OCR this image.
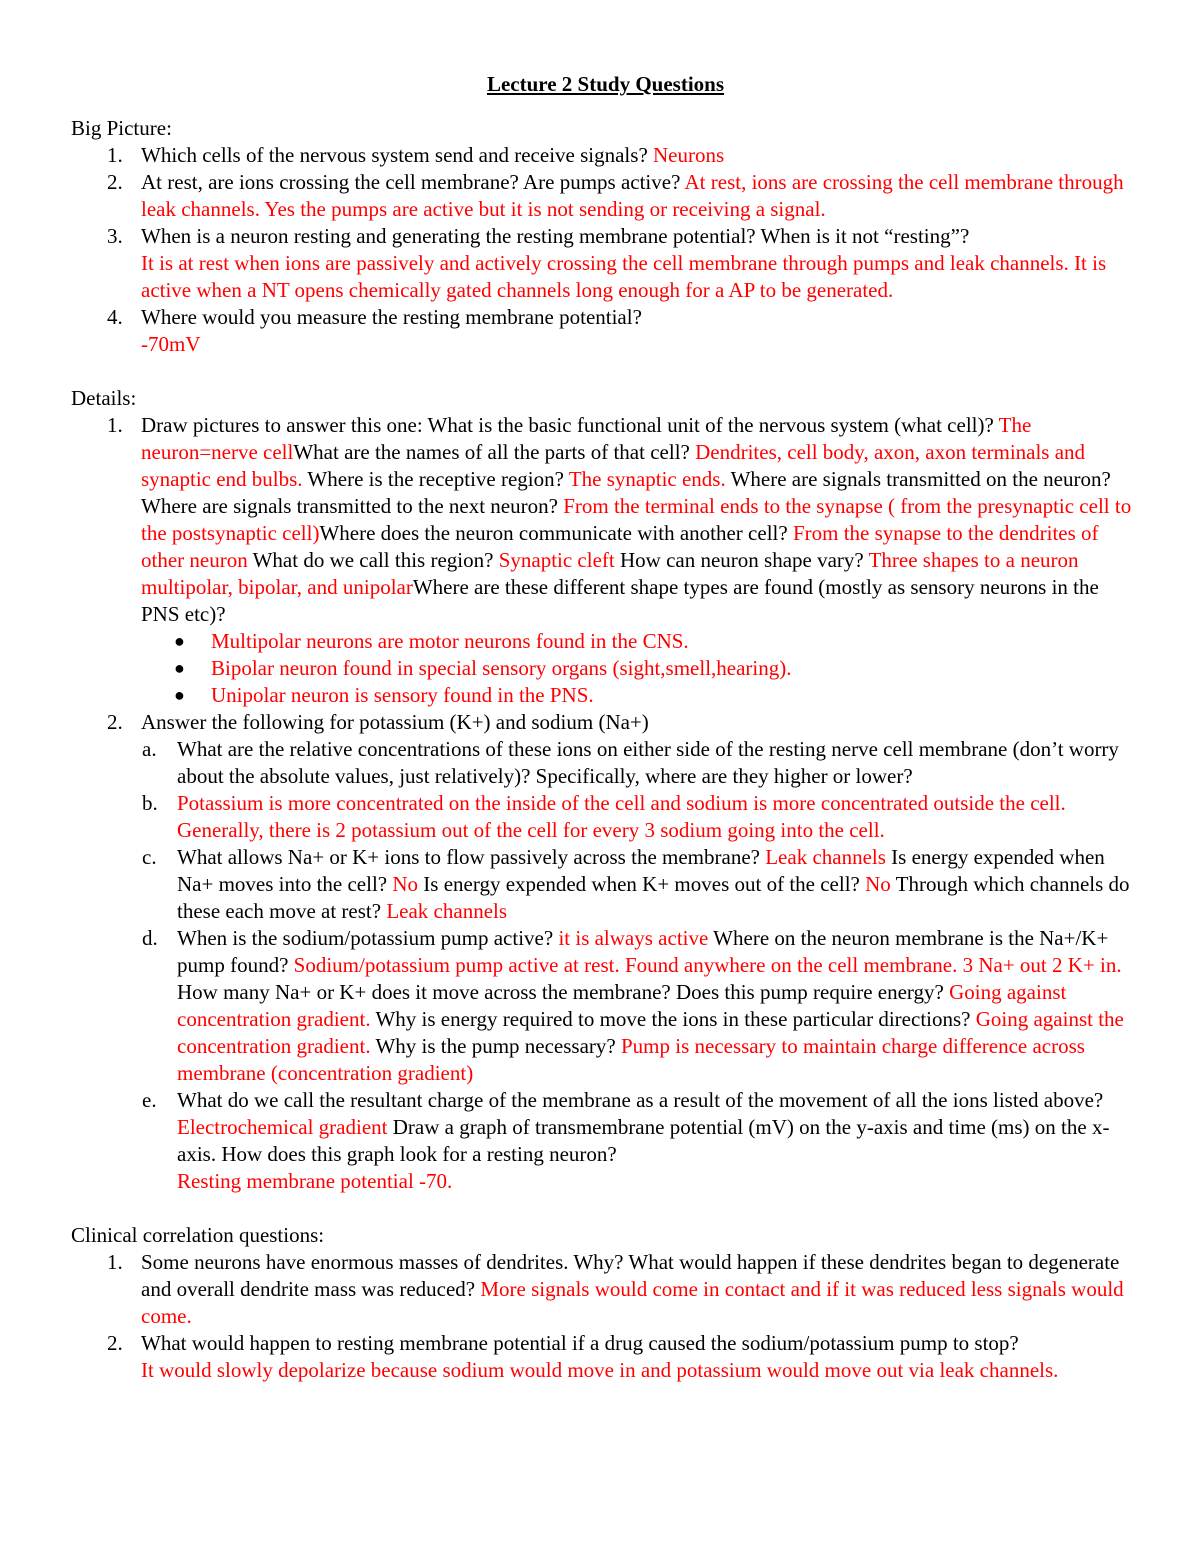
Lecture 2 Study Questions
Big Picture:
1. Which cells of the nervous system send and receive signals? Neurons
2. At rest, are ions crossing the cell membrane? Are pumps active? At rest, ions are crossing the cell membrane through leak channels. Yes the pumps are active but it is not sending or receiving a signal.
3. When is a neuron resting and generating the resting membrane potential? When is it not “resting”?
It is at rest when ions are passively and actively crossing the cell membrane through pumps and leak channels. It is active when a NT opens chemically gated channels long enough for a AP to be generated.
4. Where would you measure the resting membrane potential?
-70mV
Details:
1. Draw pictures to answer this one: What is the basic functional unit of the nervous system (what cell)? The neuron=nerve cellWhat are the names of all the parts of that cell? Dendrites, cell body, axon, axon terminals and synaptic end bulbs. Where is the receptive region? The synaptic ends. Where are signals transmitted on the neuron? Where are signals transmitted to the next neuron? From the terminal ends to the synapse ( from the presynaptic cell to the postsynaptic cell)Where does the neuron communicate with another cell? From the synapse to the dendrites of other neuron What do we call this region? Synaptic cleft How can neuron shape vary? Three shapes to a neuron multipolar, bipolar, and unipolarWhere are these different shape types are found (mostly as sensory neurons in the PNS etc)?
● Multipolar neurons are motor neurons found in the CNS.
● Bipolar neuron found in special sensory organs (sight,smell,hearing).
● Unipolar neuron is sensory found in the PNS.
2. Answer the following for potassium (K+) and sodium (Na+)
a. What are the relative concentrations of these ions on either side of the resting nerve cell membrane (don’t worry about the absolute values, just relatively)? Specifically, where are they higher or lower?
b. Potassium is more concentrated on the inside of the cell and sodium is more concentrated outside the cell. Generally, there is 2 potassium out of the cell for every 3 sodium going into the cell.
c. What allows Na+ or K+ ions to flow passively across the membrane? Leak channels Is energy expended when Na+ moves into the cell? No Is energy expended when K+ moves out of the cell? No Through which channels do these each move at rest? Leak channels
d. When is the sodium/potassium pump active? it is always active Where on the neuron membrane is the Na+/K+ pump found? Sodium/potassium pump active at rest. Found anywhere on the cell membrane. 3 Na+ out 2 K+ in. How many Na+ or K+ does it move across the membrane? Does this pump require energy? Going against concentration gradient. Why is energy required to move the ions in these particular directions? Going against the concentration gradient. Why is the pump necessary? Pump is necessary to maintain charge difference across membrane (concentration gradient)
e. What do we call the resultant charge of the membrane as a result of the movement of all the ions listed above? Electrochemical gradient Draw a graph of transmembrane potential (mV) on the y-axis and time (ms) on the x-axis. How does this graph look for a resting neuron?
Resting membrane potential -70.
Clinical correlation questions:
1. Some neurons have enormous masses of dendrites. Why? What would happen if these dendrites began to degenerate and overall dendrite mass was reduced? More signals would come in contact and if it was reduced less signals would come.
2. What would happen to resting membrane potential if a drug caused the sodium/potassium pump to stop?
It would slowly depolarize because sodium would move in and potassium would move out via leak channels.
